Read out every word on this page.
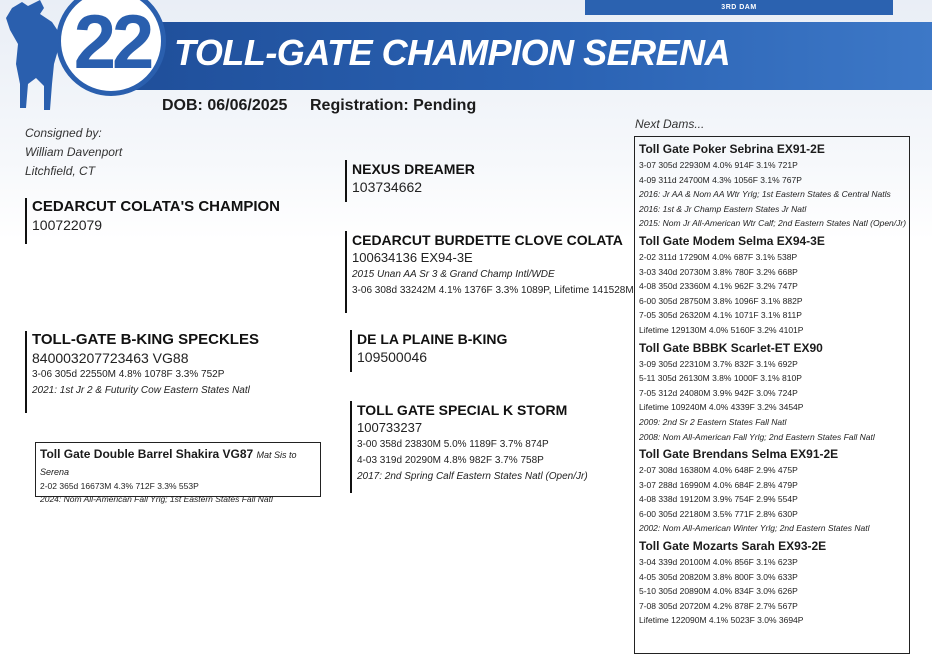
3RD DAM
22 TOLL-GATE CHAMPION SERENA
DOB: 06/06/2025 Registration: Pending
Consigned by:
William Davenport
Litchfield, CT
CEDARCUT COLATA'S CHAMPION
100722079
NEXUS DREAMER
103734662
CEDARCUT BURDETTE CLOVE COLATA
100634136 EX94-3E
2015 Unan AA Sr 3 & Grand Champ Intl/WDE
3-06 308d 33242M 4.1% 1376F 3.3% 1089P, Lifetime 141528M
TOLL-GATE B-KING SPECKLES
840003207723463 VG88
3-06 305d 22550M 4.8% 1078F 3.3% 752P
2021: 1st Jr 2 & Futurity Cow Eastern States Natl
DE LA PLAINE B-KING
109500046
TOLL GATE SPECIAL K STORM
100733237
3-00 358d 23830M 5.0% 1189F 3.7% 874P
4-03 319d 20290M 4.8% 982F 3.7% 758P
2017: 2nd Spring Calf Eastern States Natl (Open/Jr)
Toll Gate Double Barrel Shakira VG87 Mat Sis to Serena
2-02 365d 16673M 4.3% 712F 3.3% 553P
2024: Nom All-American Fall Yrlg; 1st Eastern States Fall Natl
Next Dams...
Toll Gate Poker Sebrina EX91-2E
3-07 305d 22930M 4.0% 914F 3.1% 721P
4-09 311d 24700M 4.3% 1056F 3.1% 767P
2016: Jr AA & Nom AA Wtr Yrlg; 1st Eastern States & Central Natls
2016: 1st & Jr Champ Eastern States Jr Natl
2015: Nom Jr All-American Wtr Calf; 2nd Eastern States Natl (Open/Jr)
Toll Gate Modem Selma EX94-3E
2-02 311d 17290M 4.0% 687F 3.1% 538P
3-03 340d 20730M 3.8% 780F 3.2% 668P
4-08 350d 23360M 4.1% 962F 3.2% 747P
6-00 305d 28750M 3.8% 1096F 3.1% 882P
7-05 305d 26320M 4.1% 1071F 3.1% 811P
Lifetime 129130M 4.0% 5160F 3.2% 4101P
Toll Gate BBBK Scarlet-ET EX90
3-09 305d 22310M 3.7% 832F 3.1% 692P
5-11 305d 26130M 3.8% 1000F 3.1% 810P
7-05 312d 24080M 3.9% 942F 3.0% 724P
Lifetime 109240M 4.0% 4339F 3.2% 3454P
2009: 2nd Sr 2 Eastern States Fall Natl
2008: Nom All-American Fall Yrlg; 2nd Eastern States Fall Natl
Toll Gate Brendans Selma EX91-2E
2-07 308d 16380M 4.0% 648F 2.9% 475P
3-07 288d 16990M 4.0% 684F 2.8% 479P
4-08 338d 19120M 3.9% 754F 2.9% 554P
6-00 305d 22180M 3.5% 771F 2.8% 630P
2002: Nom All-American Winter Yrlg; 2nd Eastern States Natl
Toll Gate Mozarts Sarah EX93-2E
3-04 339d 20100M 4.0% 856F 3.1% 623P
4-05 305d 20820M 3.8% 800F 3.0% 633P
5-10 305d 20890M 4.0% 834F 3.0% 626P
7-08 305d 20720M 4.2% 878F 2.7% 567P
Lifetime 122090M 4.1% 5023F 3.0% 3694P
